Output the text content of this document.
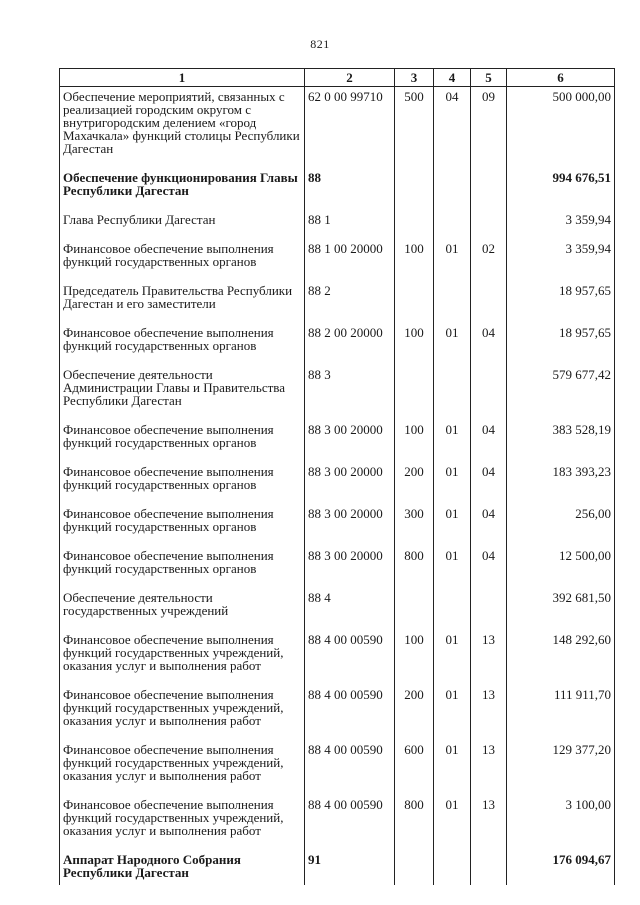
821
1	2	3	4	5	6
Обеспечение мероприятий, связанных с реализацией городским округом с внутригородским делением «город Махачкала» функций столицы Республики Дагестан	62 0 00 99710	500	04	09	500 000,00
Обеспечение функционирования Главы Республики Дагестан	88				994 676,51
Глава Республики Дагестан	88 1				3 359,94
Финансовое обеспечение выполнения функций государственных органов	88 1 00 20000	100	01	02	3 359,94
Председатель Правительства Республики Дагестан и его заместители	88 2				18 957,65
Финансовое обеспечение выполнения функций государственных органов	88 2 00 20000	100	01	04	18 957,65
Обеспечение деятельности Администрации Главы и Правительства Республики Дагестан	88 3				579 677,42
Финансовое обеспечение выполнения функций государственных органов	88 3 00 20000	100	01	04	383 528,19
Финансовое обеспечение выполнения функций государственных органов	88 3 00 20000	200	01	04	183 393,23
Финансовое обеспечение выполнения функций государственных органов	88 3 00 20000	300	01	04	256,00
Финансовое обеспечение выполнения функций государственных органов	88 3 00 20000	800	01	04	12 500,00
Обеспечение деятельности государственных учреждений	88 4				392 681,50
Финансовое обеспечение выполнения функций государственных учреждений, оказания услуг и выполнения работ	88 4 00 00590	100	01	13	148 292,60
Финансовое обеспечение выполнения функций государственных учреждений, оказания услуг и выполнения работ	88 4 00 00590	200	01	13	111 911,70
Финансовое обеспечение выполнения функций государственных учреждений, оказания услуг и выполнения работ	88 4 00 00590	600	01	13	129 377,20
Финансовое обеспечение выполнения функций государственных учреждений, оказания услуг и выполнения работ	88 4 00 00590	800	01	13	3 100,00
Аппарат Народного Собрания Республики Дагестан	91				176 094,67
